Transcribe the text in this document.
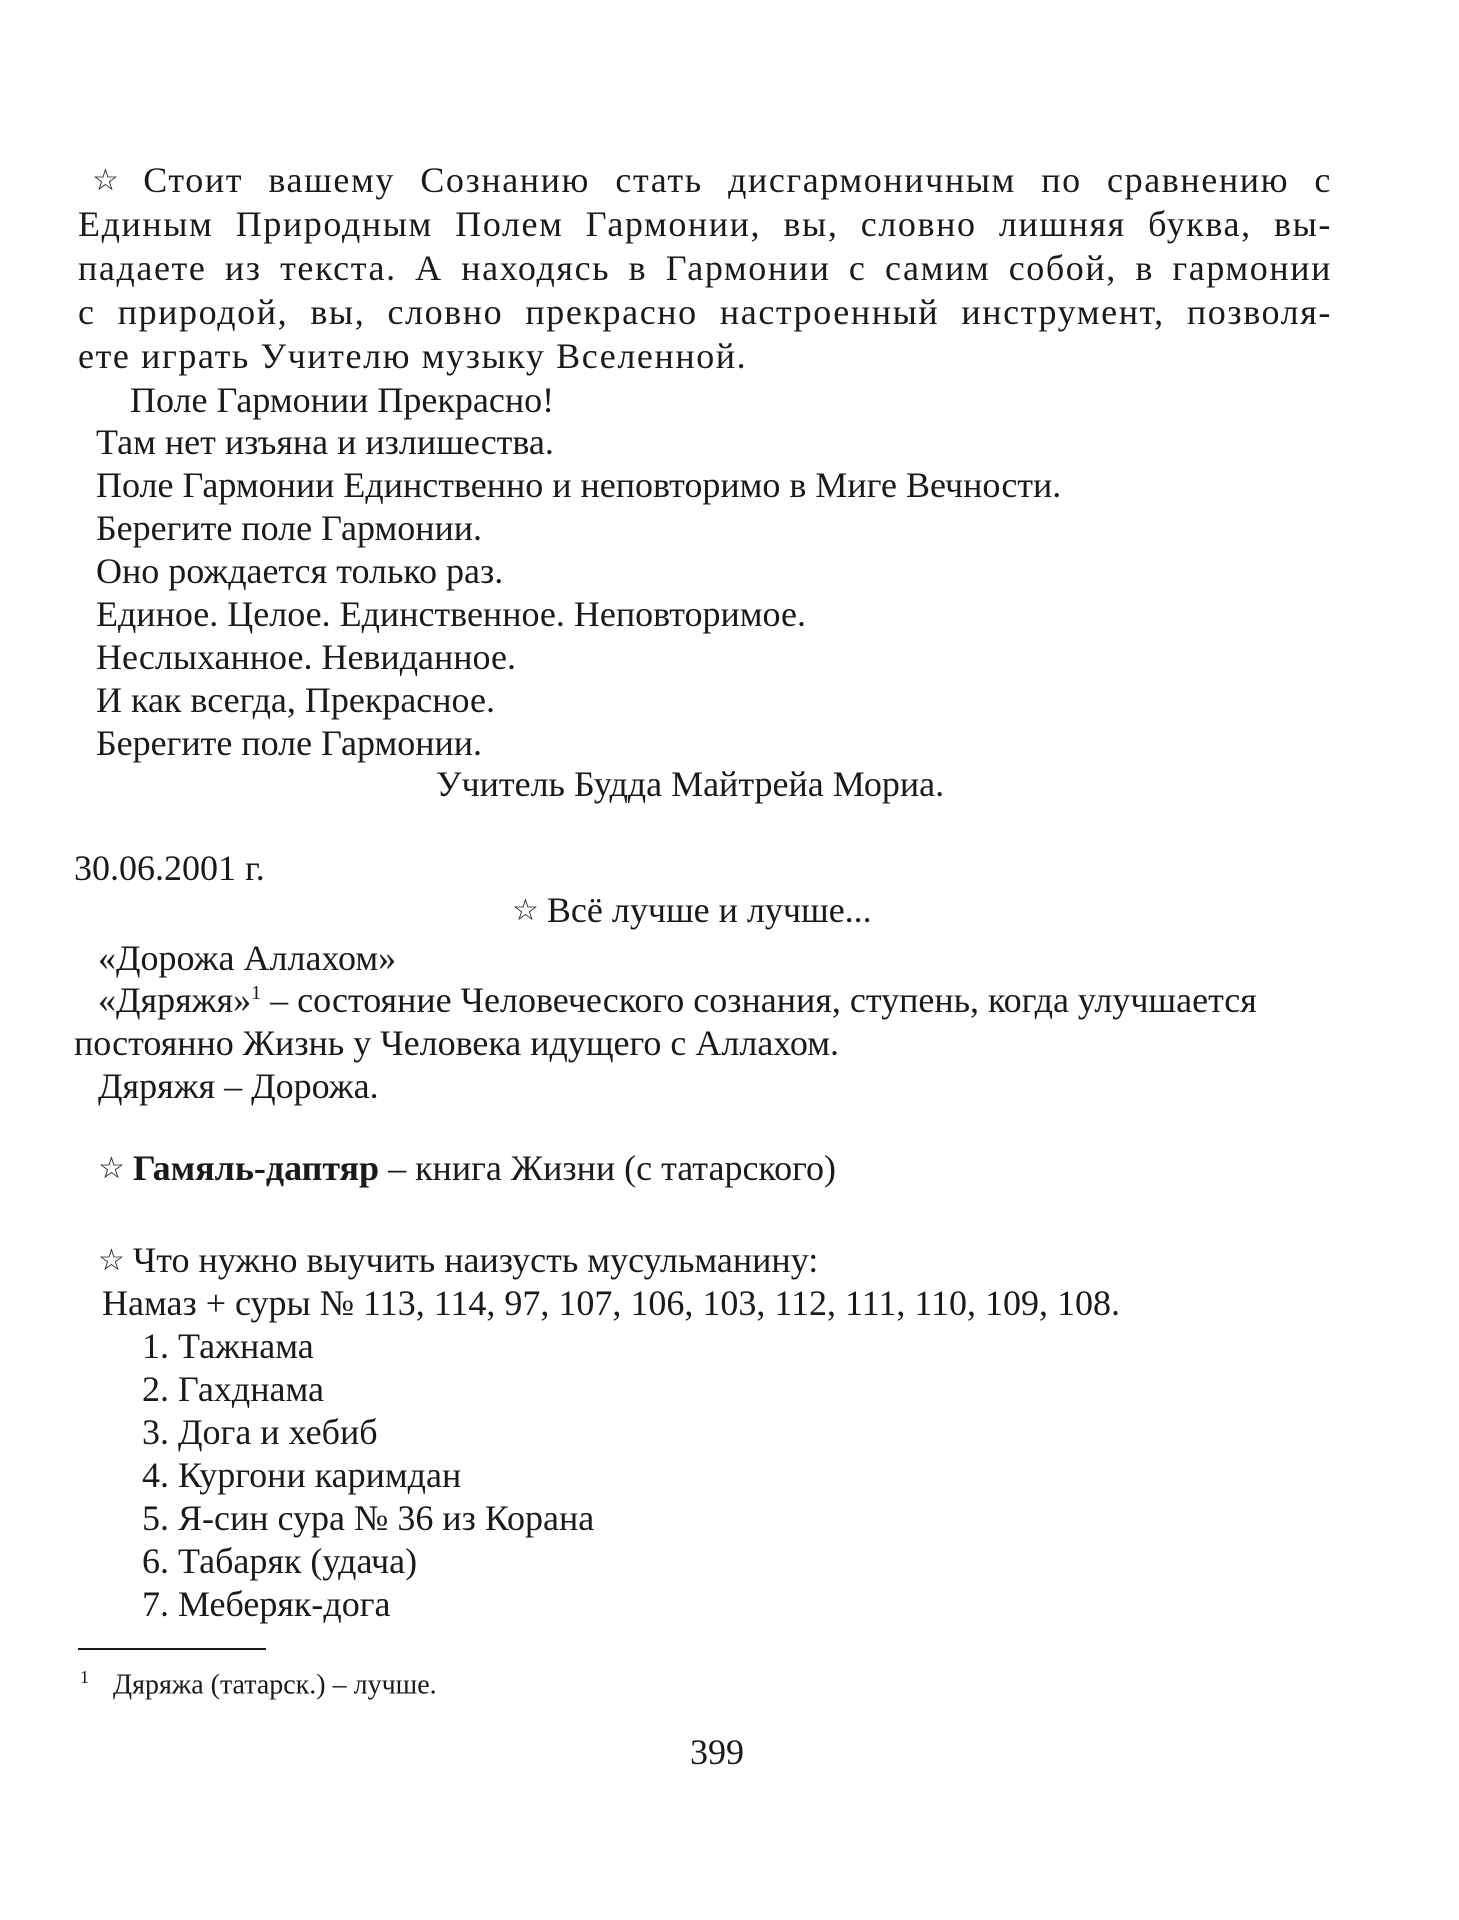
☆ Стоит вашему Сознанию стать дисгармоничным по сравнению с
Единым Природным Полем Гармонии, вы, словно лишняя буква, вы-
падаете из текста. А находясь в Гармонии с самим собой, в гармонии
с природой, вы, словно прекрасно настроенный инструмент, позволя-
ете играть Учителю музыку Вселенной.
Поле Гармонии Прекрасно!
Там нет изъяна и излишества.
Поле Гармонии Единственно и неповторимо в Миге Вечности.
Берегите поле Гармонии.
Оно рождается только раз.
Единое. Целое. Единственное. Неповторимое.
Неслыханное. Невиданное.
И как всегда, Прекрасное.
Берегите поле Гармонии.
Учитель Будда Майтрейа Мориа.
30.06.2001 г.
☆ Всё лучше и лучше...
«Дорожа Аллахом»
«Дяряжя»$^1$ – состояние Человеческого сознания, ступень, когда улучшается
постоянно Жизнь у Человека идущего с Аллахом.
Дяряжя – Дорожа.
☆ Гамяль-даптяр – книга Жизни (с татарского)
☆ Что нужно выучить наизусть мусульманину:
Намаз + суры № 113, 114, 97, 107, 106, 103, 112, 111, 110, 109, 108.
1. Тажнама
2. Гахднама
3. Дога и хебиб
4. Кургони каримдан
5. Я-син сура № 36 из Корана
6. Табаряк (удача)
7. Меберяк-дога
$^1$ Дяряжа (татарск.) – лучше.
399
